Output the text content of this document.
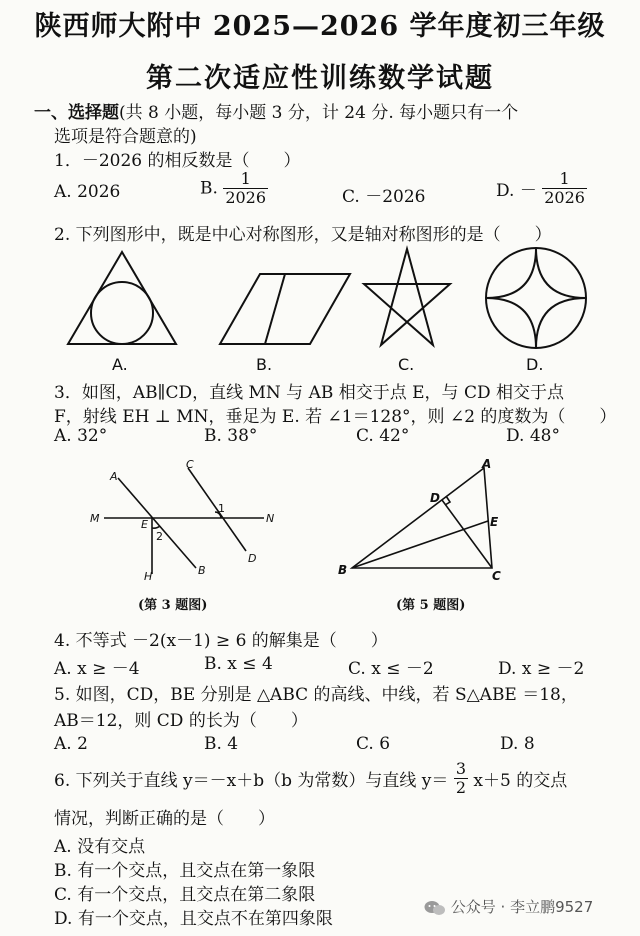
陕西师大附中 2025—2026 学年度初三年级
第二次适应性训练数学试题
一、选择题(共 8 小题，每小题 3 分，计 24 分. 每小题只有一个
选项是符合题意的)
1．－2026 的相反数是（　　）
A. 2026	B. $\frac{1}{2026}$	C. －2026	D. － $\frac{1}{2026}$
2. 下列图形中，既是中心对称图形，又是轴对称图形的是（　　）
A.	B.	C.	D.
3．如图，AB∥CD，直线 MN 与 AB 相交于点 E，与 CD 相交于点
F，射线 EH ⊥ MN，垂足为 E. 若 ∠1＝128°，则 ∠2 的度数为（　　）
A. 32°	B. 38°	C. 42°	D. 48°
A
C
M	N
E
1
2
H	B
D
(第 3 题图)
A
D
E
B	C
(第 5 题图)
4. 不等式 －2(x－1) ≥ 6 的解集是（　　）
A. x ≥ －4	B. x ≤ 4	C. x ≤ －2	D. x ≥ －2
5. 如图，CD，BE 分别是 △ABC 的高线、中线，若 S△ABE ＝18，
AB＝12，则 CD 的长为（　　）
A. 2	B. 4	C. 6	D. 8
6. 下列关于直线 y＝－x＋b（b 为常数）与直线 $y= \frac{3}{2} x+5$ 的交点
情况，判断正确的是（　　）
A. 没有交点
B. 有一个交点，且交点在第一象限
C. 有一个交点，且交点在第二象限
D. 有一个交点，且交点不在第四象限
公众号 · 李立鹏9527
